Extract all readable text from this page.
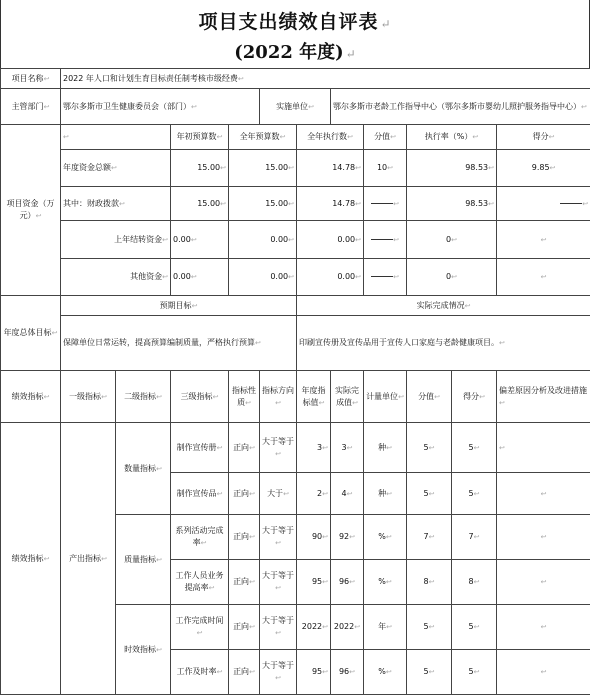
项目支出绩效自评表 ↵
(2022 年度) ↵
项目名称↩	2022 年人口和计划生育目标责任制考核市级经费↩										
主管部门↩	鄂尔多斯市卫生健康委员会（部门）↩				实施单位↩		鄂尔多斯市老龄工作指导中心（鄂尔多斯市婴幼儿照护服务指导中心）↩				
项目资金（万元）↩	↩		年初预算数↩	全年预算数↩		全年执行数↩		分值↩	执行率（%）↩		得分↩
	年度资金总额↩		15.00↩	15.00↩		14.78↩		10↩	98.53↩		9.85↩
	其中：财政拨款↩		15.00↩	15.00↩		14.78↩		↩	98.53↩		↩
	上年结转资金↩		0.00↩	0.00↩		0.00↩		↩	0↩		↩
	其他资金↩		0.00↩	0.00↩		0.00↩		↩	0↩		↩
年度总体目标↩	预期目标↩					实际完成情况↩					
	保障单位日常运转，提高预算编制质量，严格执行预算↩					印刷宣传册及宣传品用于宣传人口家庭与老龄健康项目。↩					
绩效指标↩	一级指标↩	二级指标↩	三级指标↩	指标性质↩	指标方向↩	年度指标值↩	实际完成值↩	计量单位↩	分值↩	得分↩	偏差原因分析及改进措施↩
绩效指标↩	产出指标↩	数量指标↩	制作宣传册↩	正向↩	大于等于↩	3↩	3↩	种↩	5↩	5↩	↩
			制作宣传品↩	正向↩	大于↩	2↩	4↩	种↩	5↩	5↩	↩
		质量指标↩	系列活动完成率↩	正向↩	大于等于↩	90↩	92↩	%↩	7↩	7↩	↩
			工作人员业务提高率↩	正向↩	大于等于↩	95↩	96↩	%↩	8↩	8↩	↩
		时效指标↩	工作完成时间↩	正向↩	大于等于↩	2022↩	2022↩	年↩	5↩	5↩	↩
			工作及时率↩	正向↩	大于等于↩	95↩	96↩	%↩	5↩	5↩	↩
